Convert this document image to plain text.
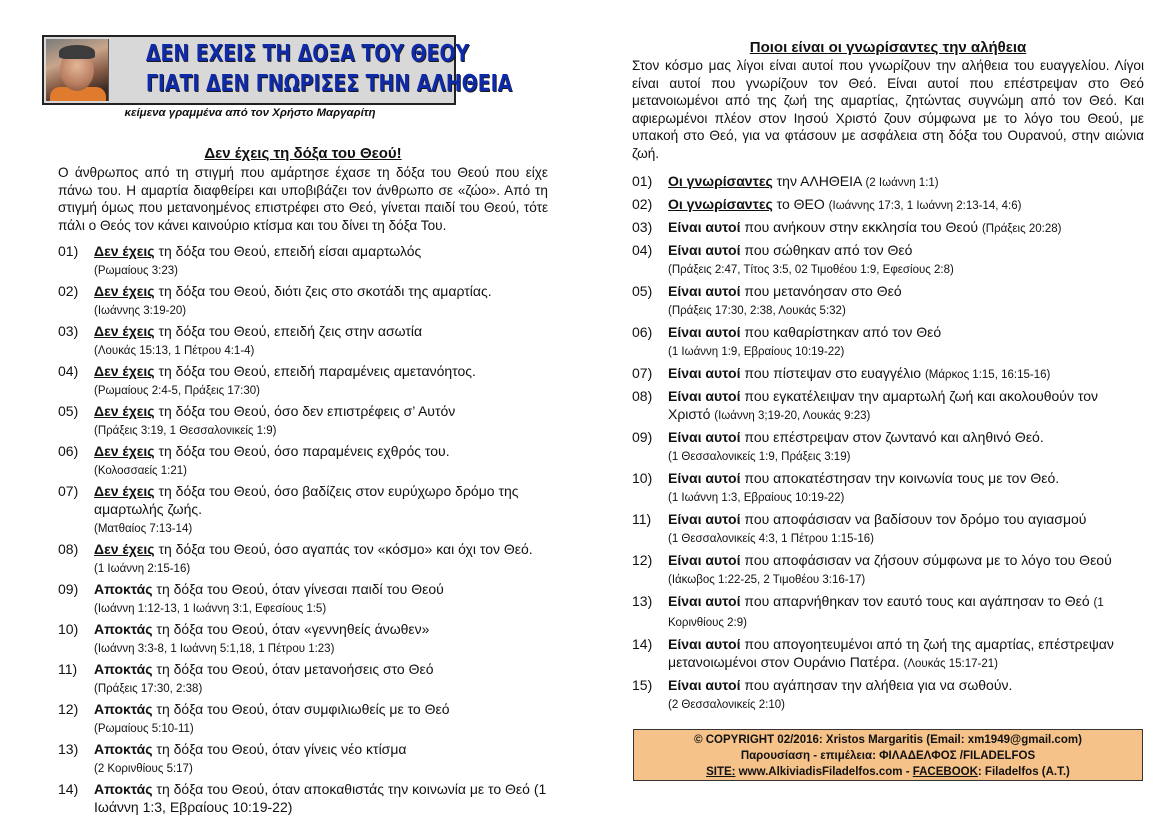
ΔΕΝ ΕΧΕΙΣ ΤΗ ΔΟΞΑ ΤΟΥ ΘΕΟΥ
ΓΙΑΤΙ ΔΕΝ ΓΝΩΡΙΣΕΣ ΤΗΝ ΑΛΗΘΕΙΑ
κείμενα γραμμένα από τον Χρήστο Μαργαρίτη
Δεν έχεις τη δόξα του Θεού!
Ο άνθρωπος από τη στιγμή που αμάρτησε έχασε τη δόξα του Θεού που είχε πάνω του. Η αμαρτία διαφθείρει και υποβιβάζει τον άνθρωπο σε «ζώο». Από τη στιγμή όμως που μετανοημένος επιστρέφει στο Θεό, γίνεται παιδί του Θεού, τότε πάλι ο Θεός τον κάνει καινούριο κτίσμα και του δίνει τη δόξα Του.
01)	Δεν έχεις τη δόξα του Θεού, επειδή είσαι αμαρτωλός
(Ρωμαίους 3:23)
02)	Δεν έχεις τη δόξα του Θεού, διότι ζεις στο σκοτάδι της αμαρτίας.
(Ιωάννης 3:19-20)
03)	Δεν έχεις τη δόξα του Θεού, επειδή ζεις στην ασωτία
(Λουκάς 15:13, 1 Πέτρου 4:1-4)
04)	Δεν έχεις τη δόξα του Θεού, επειδή παραμένεις αμετανόητος.
(Ρωμαίους 2:4-5, Πράξεις 17:30)
05)	Δεν έχεις τη δόξα του Θεού, όσο δεν επιστρέφεις σ’ Αυτόν
(Πράξεις 3:19, 1 Θεσσαλονικείς 1:9)
06)	Δεν έχεις τη δόξα του Θεού, όσο παραμένεις εχθρός του.
(Κολοσσαείς 1:21)
07)	Δεν έχεις τη δόξα του Θεού, όσο βαδίζεις στον ευρύχωρο δρόμο της αμαρτωλής ζωής.
(Ματθαίος 7:13-14)
08)	Δεν έχεις τη δόξα του Θεού, όσο αγαπάς τον «κόσμο» και όχι τον Θεό.
(1 Ιωάννη 2:15-16)
09)	Αποκτάς τη δόξα του Θεού, όταν γίνεσαι παιδί του Θεού
(Ιωάννη 1:12-13, 1 Ιωάννη 3:1, Εφεσίους 1:5)
10)	Αποκτάς τη δόξα του Θεού, όταν «γεννηθείς άνωθεν»
(Ιωάννη 3:3-8, 1 Ιωάννη 5:1,18, 1 Πέτρου 1:23)
11)	Αποκτάς τη δόξα του Θεού, όταν μετανοήσεις στο Θεό
(Πράξεις 17:30, 2:38)
12)	Αποκτάς τη δόξα του Θεού, όταν συμφιλιωθείς με το Θεό
(Ρωμαίους 5:10-11)
13)	Αποκτάς τη δόξα του Θεού, όταν γίνεις νέο κτίσμα
(2 Κορινθίους 5:17)
14)	Αποκτάς τη δόξα του Θεού, όταν αποκαθιστάς την κοινωνία με το Θεό (1 Ιωάννη 1:3, Εβραίους 10:19-22)
Ποιοι είναι οι γνωρίσαντες την αλήθεια
Στον κόσμο μας λίγοι είναι αυτοί που γνωρίζουν την αλήθεια του ευαγγελίου. Λίγοι είναι αυτοί που γνωρίζουν τον Θεό. Είναι αυτοί που επέστρεψαν στο Θεό μετανοιωμένοι από της ζωή της αμαρτίας, ζητώντας συγνώμη από τον Θεό. Και αφιερωμένοι πλέον στον Ιησού Χριστό ζουν σύμφωνα με το λόγο του Θεού, με υπακοή στο Θεό, για να φτάσουν με ασφάλεια στη δόξα του Ουρανού, στην αιώνια ζωή.
01)	Οι γνωρίσαντες την ΑΛΗΘΕΙΑ (2 Ιωάννη 1:1)
02)	Οι γνωρίσαντες το ΘΕΟ (Ιωάννης 17:3, 1 Ιωάννη 2:13-14, 4:6)
03)	Είναι αυτοί που ανήκουν στην εκκλησία του Θεού (Πράξεις 20:28)
04)	Είναι αυτοί που σώθηκαν από τον Θεό
(Πράξεις 2:47, Τίτος 3:5, 02 Τιμοθέου 1:9, Εφεσίους 2:8)
05)	Είναι αυτοί που μετανόησαν στο Θεό
(Πράξεις 17:30, 2:38, Λουκάς 5:32)
06)	Είναι αυτοί που καθαρίστηκαν από τον Θεό
(1 Ιωάννη 1:9, Εβραίους 10:19-22)
07)	Είναι αυτοί που πίστεψαν στο ευαγγέλιο (Μάρκος 1:15, 16:15-16)
08)	Είναι αυτοί που εγκατέλειψαν την αμαρτωλή ζωή και ακολουθούν τον Χριστό (Ιωάννη 3;19-20, Λουκάς 9:23)
09)	Είναι αυτοί που επέστρεψαν στον ζωντανό και αληθινό Θεό.
(1 Θεσσαλονικείς 1:9, Πράξεις 3:19)
10)	Είναι αυτοί που αποκατέστησαν την κοινωνία τους με τον Θεό.
(1 Ιωάννη 1:3, Εβραίους 10:19-22)
11)	Είναι αυτοί που αποφάσισαν να βαδίσουν τον δρόμο του αγιασμού
(1 Θεσσαλονικείς 4:3, 1 Πέτρου 1:15-16)
12)	Είναι αυτοί που αποφάσισαν να ζήσουν σύμφωνα με το λόγο του Θεού (Ιάκωβος 1:22-25, 2 Τιμοθέου 3:16-17)
13)	Είναι αυτοί που απαρνήθηκαν τον εαυτό τους και αγάπησαν το Θεό (1 Κορινθίους 2:9)
14)	Είναι αυτοί που απογοητευμένοι από τη ζωή της αμαρτίας, επέστρεψαν μετανοιωμένοι στον Ουράνιο Πατέρα. (Λουκάς 15:17-21)
15)	Είναι αυτοί που αγάπησαν την αλήθεια για να σωθούν.
(2 Θεσσαλονικείς 2:10)
© COPYRIGHT 02/2016: Xristos Margaritis (Email: xm1949@gmail.com)
Παρουσίαση - επιμέλεια: ΦΙΛΑΔΕΛΦΟΣ /FILADELFOS
SITE: www.AlkiviadisFiladelfos.com - FACEBOOK: Filadelfos (A.T.)
